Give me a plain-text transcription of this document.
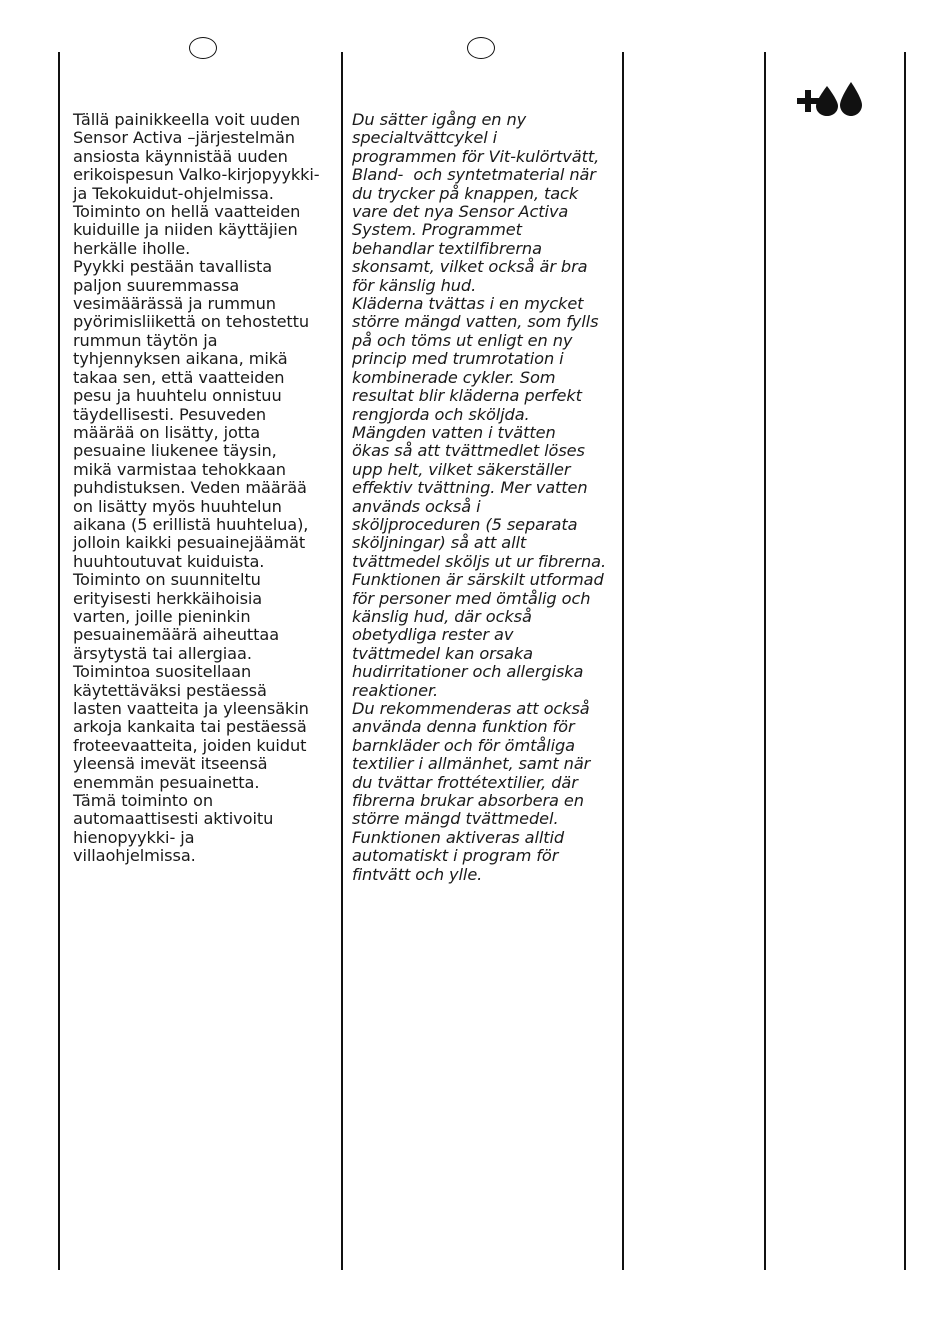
Tällä painikkeella voit uuden
Sensor Activa –järjestelmän
ansiosta käynnistää uuden
erikoispesun Valko-kirjopyykki-
ja Tekokuidut-ohjelmissa.
Toiminto on hellä vaatteiden
kuiduille ja niiden käyttäjien
herkälle iholle.
Pyykki pestään tavallista
paljon suuremmassa
vesimäärässä ja rummun
pyörimisliikettä on tehostettu
rummun täytön ja
tyhjennyksen aikana, mikä
takaa sen, että vaatteiden
pesu ja huuhtelu onnistuu
täydellisesti. Pesuveden
määrää on lisätty, jotta
pesuaine liukenee täysin,
mikä varmistaa tehokkaan
puhdistuksen. Veden määrää
on lisätty myös huuhtelun
aikana (5 erillistä huuhtelua),
jolloin kaikki pesuainejäämät
huuhtoutuvat kuiduista.
Toiminto on suunniteltu
erityisesti herkkäihoisia
varten, joille pieninkin
pesuainemäärä aiheuttaa
ärsytystä tai allergiaa.
Toimintoa suositellaan
käytettäväksi pestäessä
lasten vaatteita ja yleensäkin
arkoja kankaita tai pestäessä
froteevaatteita, joiden kuidut
yleensä imevät itseensä
enemmän pesuainetta.
Tämä toiminto on
automaattisesti aktivoitu
hienopyykki- ja
villaohjelmissa.
Du sätter igång en ny
specialtvättcykel i
programmen för Vit-kulörtvätt,
Bland-  och syntetmaterial när
du trycker på knappen, tack
vare det nya Sensor Activa
System. Programmet
behandlar textilfibrerna
skonsamt, vilket också är bra
för känslig hud.
Kläderna tvättas i en mycket
större mängd vatten, som fylls
på och töms ut enligt en ny
princip med trumrotation i
kombinerade cykler. Som
resultat blir kläderna perfekt
rengjorda och sköljda.
Mängden vatten i tvätten
ökas så att tvättmedlet löses
upp helt, vilket säkerställer
effektiv tvättning. Mer vatten
används också i
sköljproceduren (5 separata
sköljningar) så att allt
tvättmedel sköljs ut ur fibrerna.
Funktionen är särskilt utformad
för personer med ömtålig och
känslig hud, där också
obetydliga rester av
tvättmedel kan orsaka
hudirritationer och allergiska
reaktioner.
Du rekommenderas att också
använda denna funktion för
barnkläder och för ömtåliga
textilier i allmänhet, samt när
du tvättar frottétextilier, där
fibrerna brukar absorbera en
större mängd tvättmedel.
Funktionen aktiveras alltid
automatiskt i program för
fintvätt och ylle.
